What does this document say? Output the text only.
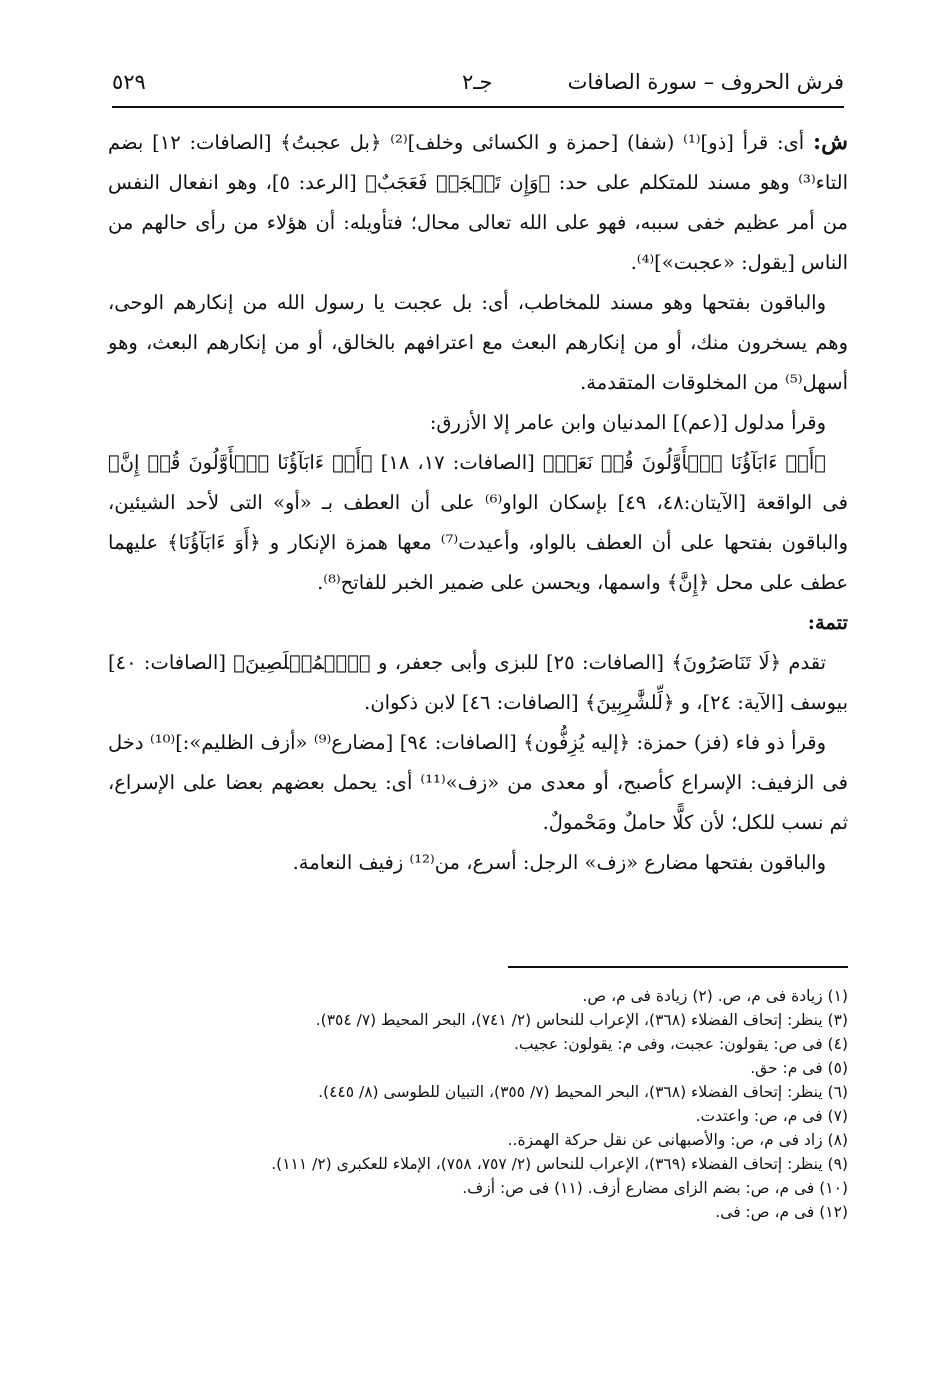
فرش الحروف – سورة الصافات
جـ٢
٥٢٩

ش: أى: قرأ [ذو]⁽¹⁾ (شفا) [حمزة و الكسائى وخلف]⁽²⁾ ﴿بل عجبتُ﴾ [الصافات: ١٢] بضم التاء⁽³⁾ وهو مسند للمتكلم على حد: ﴿وَإِن تَعۡجَبۡ فَعَجَبٌ﴾ [الرعد: ٥]، وهو انفعال النفس من أمر عظيم خفى سببه، فهو على الله تعالى محال؛ فتأويله: أن هؤلاء من رأى حالهم من الناس [يقول: «عجبت»]⁽⁴⁾.

والباقون بفتحها وهو مسند للمخاطب، أى: بل عجبت يا رسول الله من إنكارهم الوحى، وهم يسخرون منك، أو من إنكارهم البعث مع اعترافهم بالخالق، أو من إنكارهم البعث، وهو أسهل⁽⁵⁾ من المخلوقات المتقدمة.

وقرأ مدلول [(عم)] المدنيان وابن عامر إلا الأزرق:

﴿أَوۡ ءَابَآؤُنَا ٱلۡأَوَّلُونَ قُلۡ نَعَمۡ﴾ [الصافات: ١٧، ١٨] ﴿أَوۡ ءَابَآؤُنَا ٱلۡأَوَّلُونَ قُلۡ إِنَّ﴾ فى الواقعة [الآيتان:٤٨، ٤٩] بإسكان الواو⁽⁶⁾ على أن العطف بـ «أو» التى لأحد الشيئين، والباقون بفتحها على أن العطف بالواو، وأعيدت⁽⁷⁾ معها همزة الإنكار و ﴿أَوَ ءَابَآؤُنَا﴾ عليهما عطف على محل ﴿إِنَّ﴾ واسمها، ويحسن على ضمير الخبر للفاتح⁽⁸⁾.

تتمة:

تقدم ﴿لَا تَنَاصَرُونَ﴾ [الصافات: ٢٥] للبزى وأبى جعفر، و ﴿ٱلۡمُخۡلَصِينَ﴾ [الصافات: ٤٠] بيوسف [الآية: ٢٤]، و ﴿لِّلشَّٰرِبِينَ﴾ [الصافات: ٤٦] لابن ذكوان.

وقرأ ذو فاء (فز) حمزة: ﴿إليه يُزِفُّون﴾ [الصافات: ٩٤] [مضارع⁽⁹⁾ «أزف الظليم»:]⁽¹⁰⁾ دخل فى الزفيف: الإسراع كأصبح، أو معدى من «زف»⁽¹¹⁾ أى: يحمل بعضهم بعضا على الإسراع، ثم نسب للكل؛ لأن كلًّا حاملٌ ومَحْمولٌ.

والباقون بفتحها مضارع «زف» الرجل: أسرع، من⁽¹²⁾ زفيف النعامة.

(١) زيادة فى م، ص. (٢) زيادة فى م، ص.

(٣) ينظر: إتحاف الفضلاء (٣٦٨)، الإعراب للنحاس (٢/ ٧٤١)، البحر المحيط (٧/ ٣٥٤).

(٤) فى ص: يقولون: عجبت، وفى م: يقولون: عجيب.

(٥) فى م: حق.

(٦) ينظر: إتحاف الفضلاء (٣٦٨)، البحر المحيط (٧/ ٣٥٥)، التبيان للطوسى (٨/ ٤٤٥).

(٧) فى م، ص: واعتدت.

(٨) زاد فى م، ص: والأصبهانى عن نقل حركة الهمزة..

(٩) ينظر: إتحاف الفضلاء (٣٦٩)، الإعراب للنحاس (٢/ ٧٥٧، ٧٥٨)، الإملاء للعكبرى (٢/ ١١١).

(١٠) فى م، ص: بضم الزاى مضارع أزف. (١١) فى ص: أزف.

(١٢) فى م، ص: فى.
